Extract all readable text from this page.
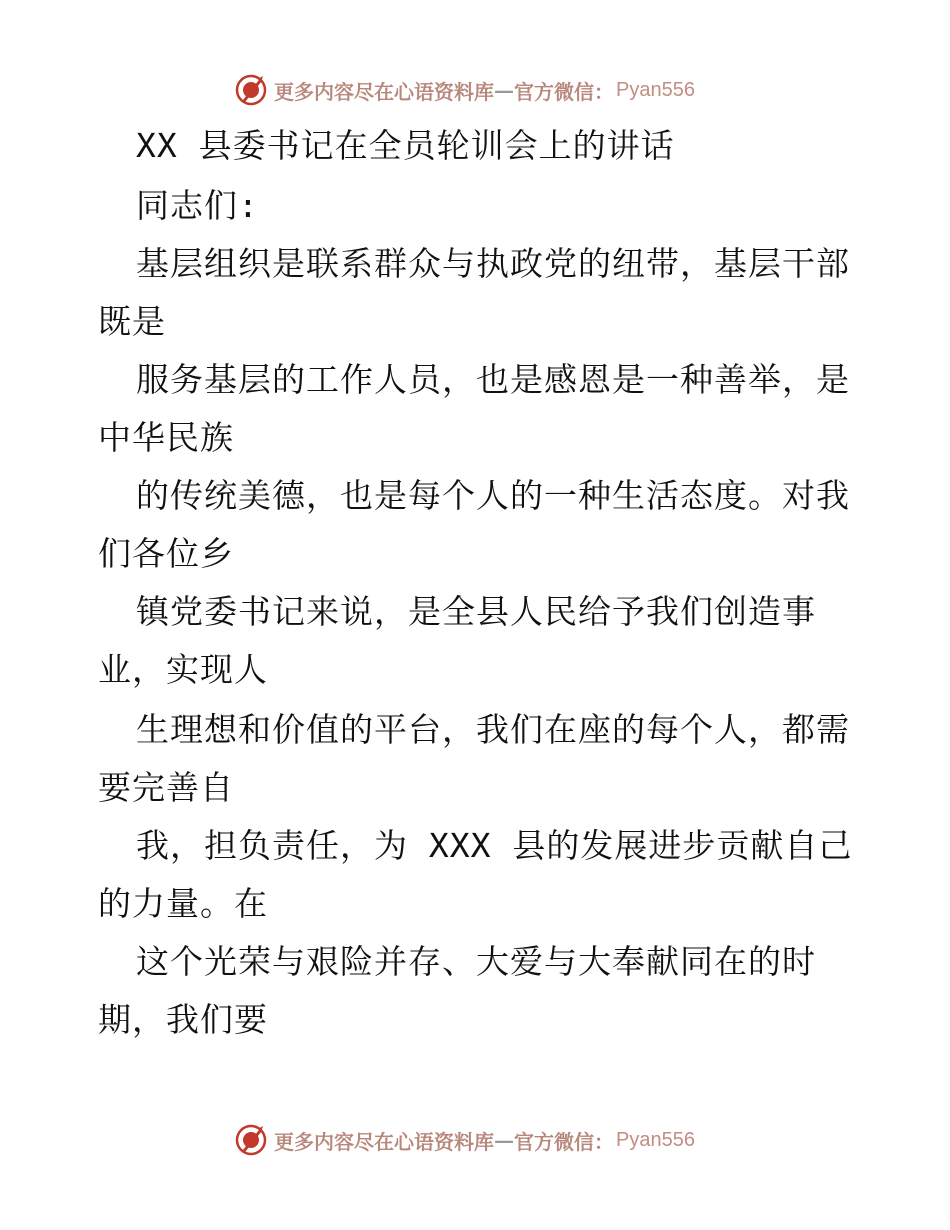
更多内容尽在心语资料库 — 官方微信： Pyan556

XX 县委书记在全员轮训会上的讲话

同志们:

基层组织是联系群众与执政党的纽带，基层干部

既是

服务基层的工作人员，也是感恩是一种善举，是

中华民族

的传统美德，也是每个人的一种生活态度。对我

们各位乡

镇党委书记来说，是全县人民给予我们创造事

业，实现人

生理想和价值的平台，我们在座的每个人，都需

要完善自

我，担负责任，为 XXX 县的发展进步贡献自己

的力量。在

这个光荣与艰险并存、大爱与大奉献同在的时

期，我们要

更多内容尽在心语资料库 — 官方微信： Pyan556
